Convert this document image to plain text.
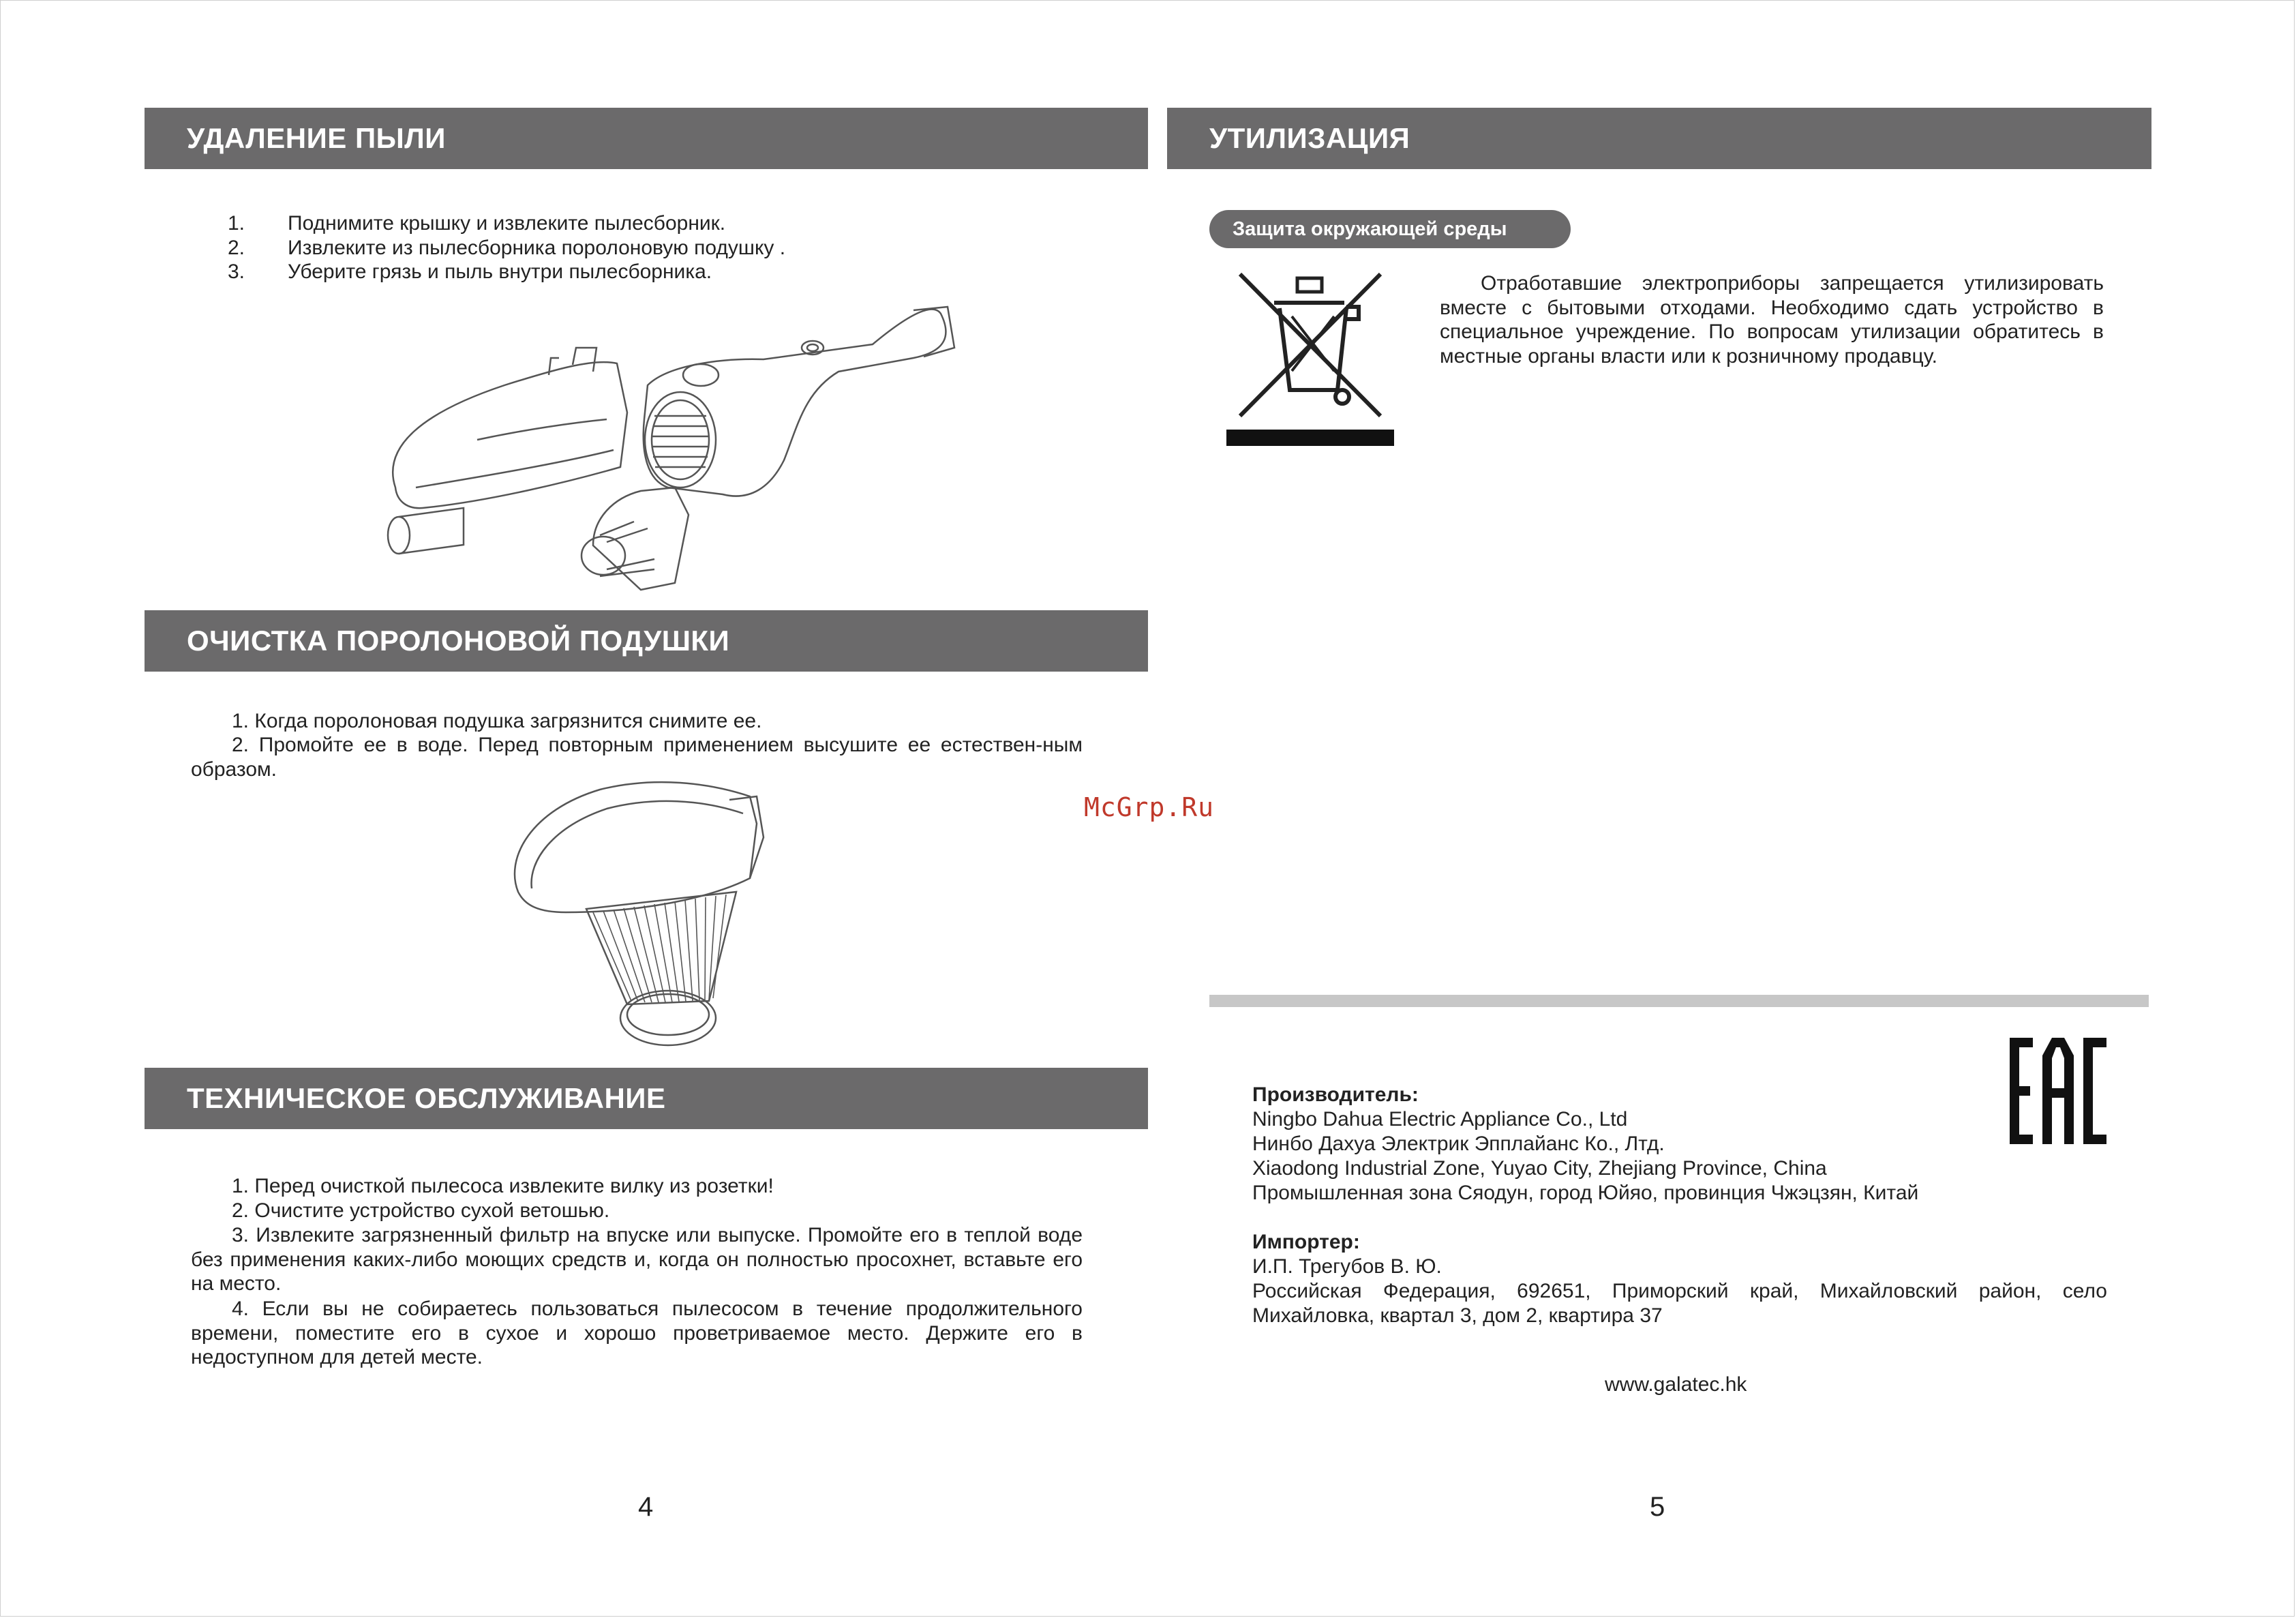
УДАЛЕНИЕ ПЫЛИ
1.	Поднимите крышку и извлеките пылесборник.
2.	Извлеките из пылесборника поролоновую подушку .
3.	Уберите грязь и пыль внутри пылесборника.
ОЧИСТКА ПОРОЛОНОВОЙ ПОДУШКИ
1. Когда поролоновая подушка загрязнится снимите ее.
2. Промойте ее в воде. Перед повторным применением высушите ее естествен-ным образом.
ТЕХНИЧЕСКОЕ ОБСЛУЖИВАНИЕ
1. Перед очисткой пылесоса извлеките вилку из розетки!
2. Очистите устройство сухой ветошью.
3. Извлеките загрязненный фильтр на впуске или выпуске. Промойте его в теплой воде без применения каких-либо моющих средств и, когда он полностью просохнет, вставьте его на место.
4. Если вы не собираетесь пользоваться пылесосом в течение продолжительного времени, поместите его в сухое и хорошо проветриваемое место. Держите его в недоступном для детей месте.
4
McGrp.Ru
УТИЛИЗАЦИЯ
Защита окружающей среды
Отработавшие электроприборы запрещается утилизировать вместе с бытовыми отходами. Необходимо сдать устройство в специальное учреждение. По вопросам утилизации обратитесь в местные органы власти или к розничному продавцу.
Производитель:
Ningbo Dahua Electric Appliance Co., Ltd
Нинбо Дахуа Электрик Эпплайанс Ко., Лтд.
Xiaodong Industrial Zone, Yuyao City, Zhejiang Province, China
Промышленная зона Сяодун, город Юйяо, провинция Чжэцзян, Китай
Импортер:
И.П. Трегубов В. Ю.
Российская Федерация, 692651, Приморский край, Михайловский район, село Михайловка, квартал 3, дом 2, квартира 37
www.galatec.hk
5
